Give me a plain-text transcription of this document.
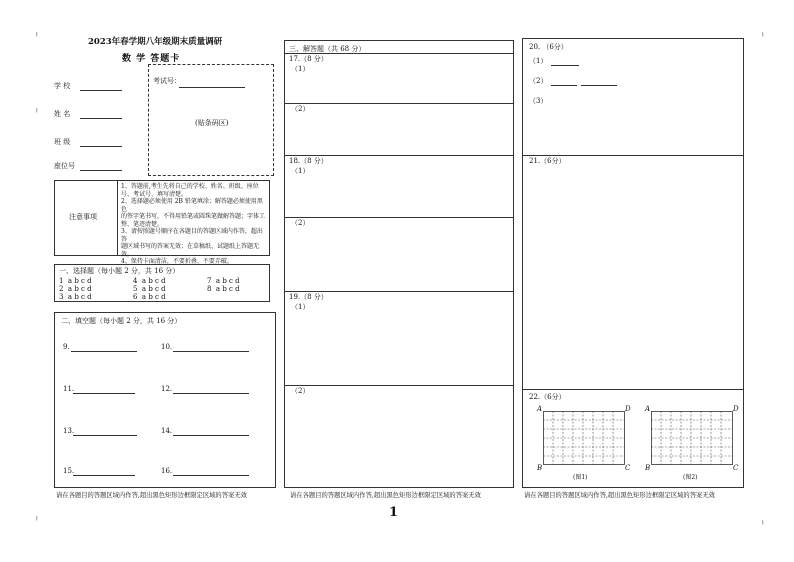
ǃ
ǃ
ǃ
ǃ
ǃ
2023年春学期八年级期末质量调研
数 学 答题卡
学 校
姓 名
班 级
座位号
考试号：
(贴条码区)
注意事项
1、答题前,考生先将自己的学校、姓名、班级、座位
号、考试号、填写清楚。
2、选择题必须使用 2B 铅笔填涂；解答题必须使用黑色
的签字笔书写，不得用铅笔或圆珠笔做解答题；字体工
整、笔迹清楚。
3、请按照题号顺序在各题目的答题区域内作答，超出答
题区域书写的答案无效；在草稿纸、试题纸上答题无效。
4、保持卡面清洁，不要折叠、不要弄破。
一、选择题（每小题 2 分，共 16 分）
1 a b c d	4 a b c d	7 a b c d
2 a b c d	5 a b c d	8 a b c d
3 a b c d	6 a b c d
二、填空题（每小题 2 分，共 16 分）
9.	10.
11.	12.
13.	14.
15.	16.
请在各题目的答题区域内作答,超出黑色矩形边框限定区域的答案无效
三、解答题（共 68 分）
17.（8 分）
（1）
（2）
18.（8 分）
（1）
（2）
19.（8 分）
（1）
（2）
请在各题目的答题区域内作答,超出黑色矩形边框限定区域的答案无效
1
20. （6分）
（1）
（2）
（3）
21.（6分）
22.（6分）
A	D
B	C
(图1)
A	D
B	C
(图2)
请在各题目的答题区域内作答,超出黑色矩形边框限定区域的答案无效
